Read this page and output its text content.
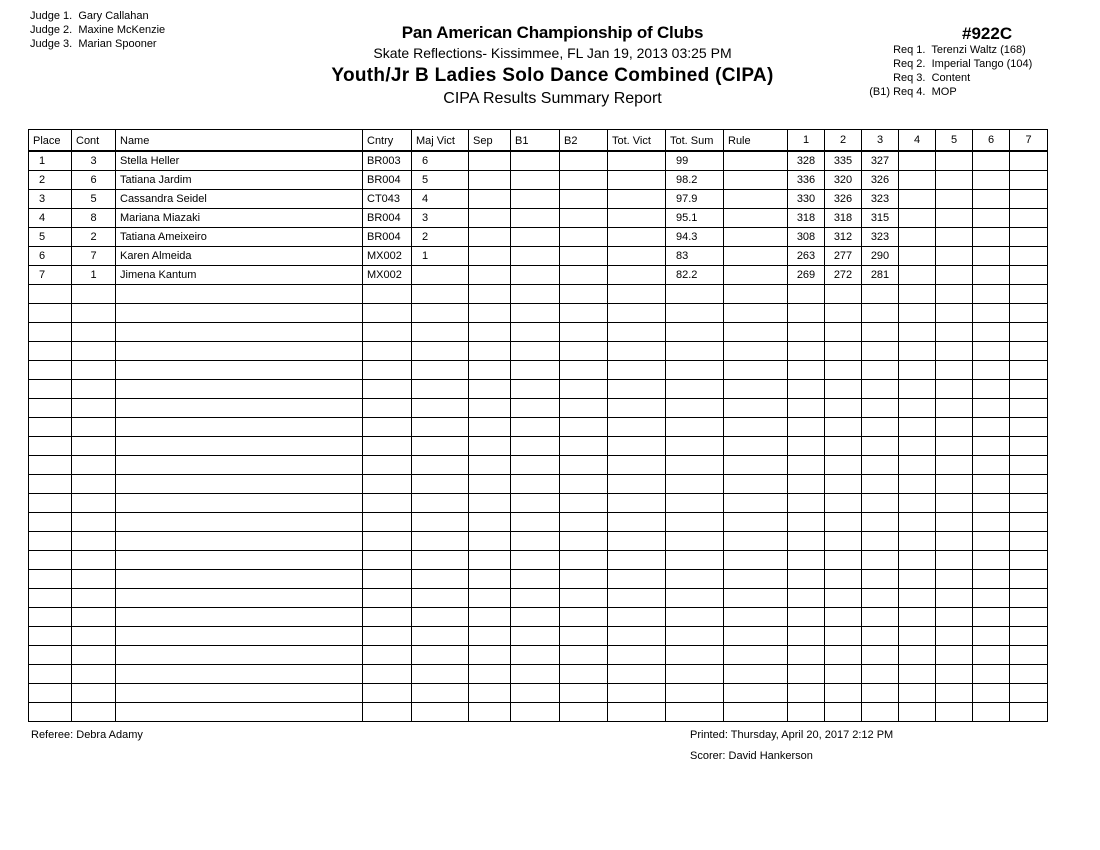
Judge 1. Gary Callahan
Judge 2. Maxine McKenzie
Judge 3. Marian Spooner
Pan American Championship of Clubs
Skate Reflections- Kissimmee, FL Jan 19, 2013 03:25 PM
Youth/Jr B Ladies Solo Dance Combined (CIPA)
CIPA Results Summary Report
#922C
Req 1. Terenzi Waltz (168)
Req 2. Imperial Tango (104)
Req 3. Content
(B1) Req 4. MOP
Place	Cont	Name	Cntry	Maj Vict	Sep	B1	B2	Tot. Vict	Tot. Sum	Rule	1	2	3	4	5	6	7
1	3	Stella Heller	BR003	6					99		328	335	327				
2	6	Tatiana Jardim	BR004	5					98.2		336	320	326				
3	5	Cassandra Seidel	CT043	4					97.9		330	326	323				
4	8	Mariana Miazaki	BR004	3					95.1		318	318	315				
5	2	Tatiana Ameixeiro	BR004	2					94.3		308	312	323				
6	7	Karen Almeida	MX002	1					83		263	277	290				
7	1	Jimena Kantum	MX002						82.2		269	272	281				

Referee: Debra Adamy	Printed: Thursday, April 20, 2017 2:12 PM
Scorer: David Hankerson
